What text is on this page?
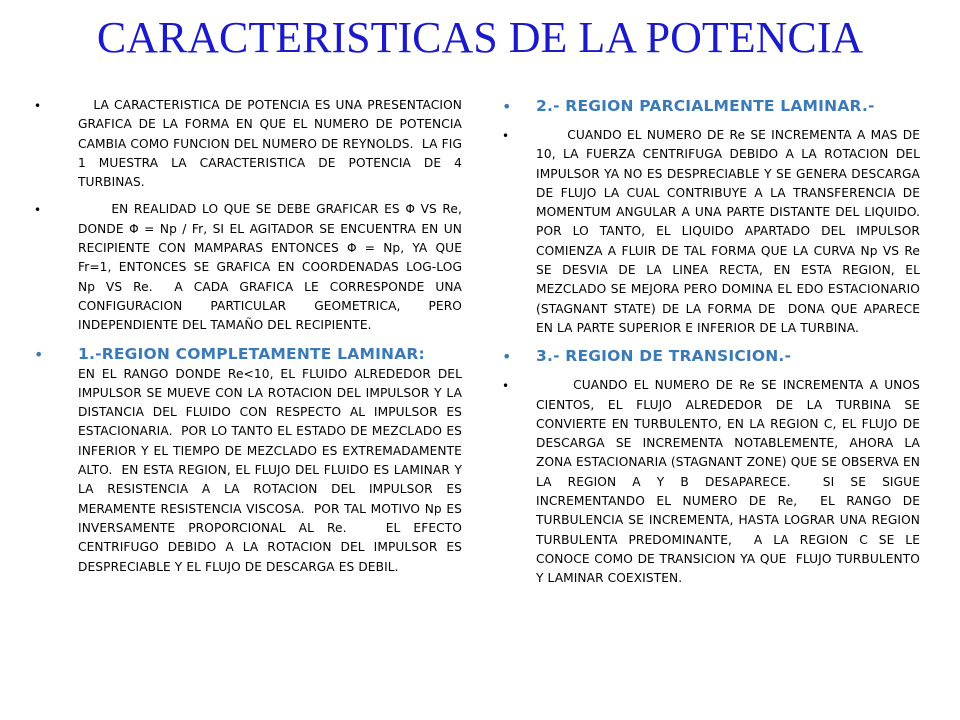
CARACTERISTICAS DE LA POTENCIA
•	LA CARACTERISTICA DE POTENCIA ES UNA PRESENTACION GRAFICA DE LA FORMA EN QUE EL NUMERO DE POTENCIA CAMBIA COMO FUNCION DEL NUMERO DE REYNOLDS.  LA FIG 1 MUESTRA LA CARACTERISTICA DE POTENCIA DE 4 TURBINAS.
•	EN REALIDAD LO QUE SE DEBE GRAFICAR ES Φ VS Re, DONDE Φ = Np / Fr, SI EL AGITADOR SE ENCUENTRA EN UN RECIPIENTE CON MAMPARAS ENTONCES Φ = Np, YA QUE Fr=1, ENTONCES SE GRAFICA EN COORDENADAS LOG-LOG  Np VS Re.  A CADA GRAFICA LE CORRESPONDE UNA CONFIGURACION PARTICULAR GEOMETRICA, PERO INDEPENDIENTE DEL TAMAÑO DEL RECIPIENTE.
• 1.-REGION COMPLETAMENTE LAMINAR:
EN EL RANGO DONDE Re<10, EL FLUIDO ALREDEDOR DEL IMPULSOR SE MUEVE CON LA ROTACION DEL IMPULSOR Y LA DISTANCIA DEL FLUIDO CON RESPECTO AL IMPULSOR ES ESTACIONARIA.  POR LO TANTO EL ESTADO DE MEZCLADO ES INFERIOR Y EL TIEMPO DE MEZCLADO ES EXTREMADAMENTE ALTO.  EN ESTA REGION, EL FLUJO DEL FLUIDO ES LAMINAR Y LA RESISTENCIA A LA ROTACION DEL IMPULSOR ES MERAMENTE RESISTENCIA VISCOSA.  POR TAL MOTIVO Np ES INVERSAMENTE PROPORCIONAL AL Re.   EL EFECTO CENTRIFUGO DEBIDO A LA ROTACION DEL IMPULSOR ES DESPRECIABLE Y EL FLUJO DE DESCARGA ES DEBIL.
• 2.- REGION PARCIALMENTE LAMINAR.-
• CUANDO EL NUMERO DE Re SE INCREMENTA A MAS DE 10, LA FUERZA CENTRIFUGA DEBIDO A LA ROTACION DEL IMPULSOR YA NO ES DESPRECIABLE Y SE GENERA DESCARGA DE FLUJO LA CUAL CONTRIBUYE A LA TRANSFERENCIA DE MOMENTUM ANGULAR A UNA PARTE DISTANTE DEL LIQUIDO. POR LO TANTO, EL LIQUIDO APARTADO DEL IMPULSOR COMIENZA A FLUIR DE TAL FORMA QUE LA CURVA Np VS Re SE DESVIA DE LA LINEA RECTA, EN ESTA REGION, EL MEZCLADO SE MEJORA PERO DOMINA EL EDO ESTACIONARIO (STAGNANT STATE) DE LA FORMA DE  DONA QUE APARECE EN LA PARTE SUPERIOR E INFERIOR DE LA TURBINA.
• 3.- REGION DE TRANSICION.-
• CUANDO EL NUMERO DE Re SE INCREMENTA A UNOS CIENTOS, EL FLUJO ALREDEDOR DE LA TURBINA SE CONVIERTE EN TURBULENTO, EN LA REGION C, EL FLUJO DE DESCARGA SE INCREMENTA NOTABLEMENTE, AHORA LA ZONA ESTACIONARIA (STAGNANT ZONE) QUE SE OBSERVA EN LA REGION A Y B DESAPARECE.  SI SE SIGUE INCREMENTANDO EL NUMERO DE Re,  EL RANGO DE TURBULENCIA SE INCREMENTA, HASTA LOGRAR UNA REGION TURBULENTA PREDOMINANTE,  A LA REGION C SE LE CONOCE COMO DE TRANSICION YA QUE  FLUJO TURBULENTO Y LAMINAR COEXISTEN.
